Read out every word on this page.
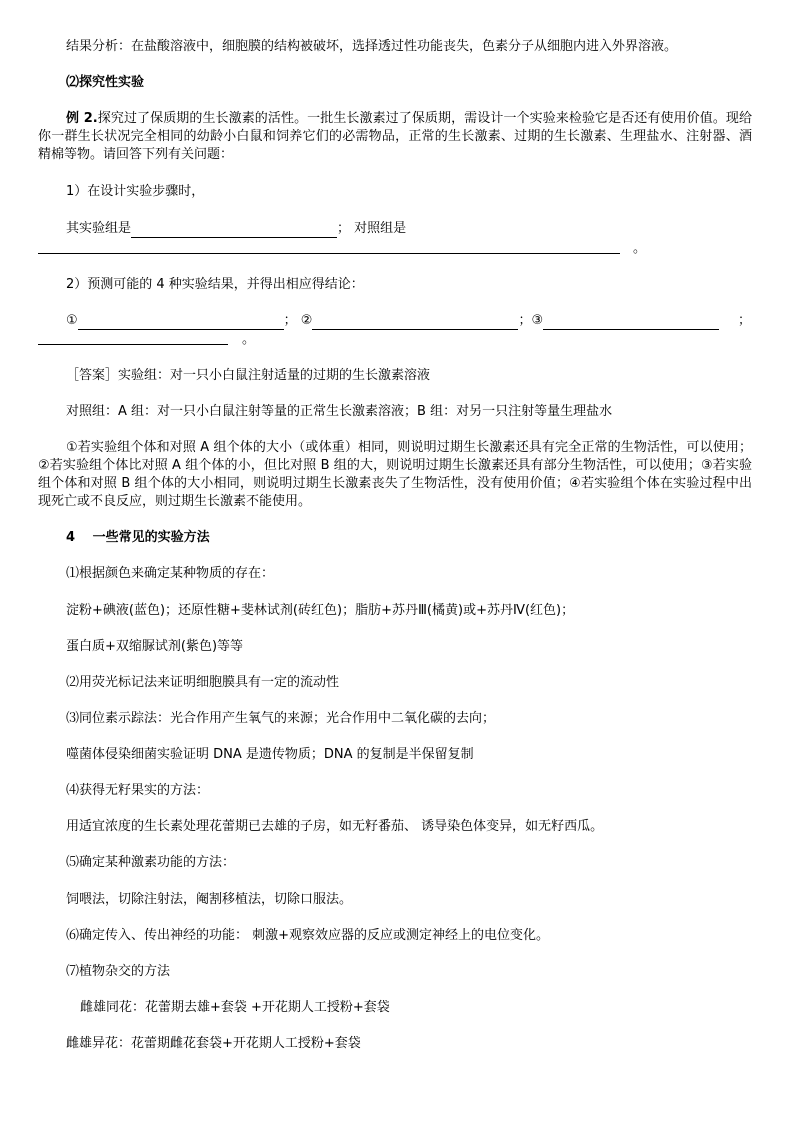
结果分析：在盐酸溶液中，细胞膜的结构被破坏，选择透过性功能丧失，色素分子从细胞内进入外界溶液。
⑵探究性实验
例 2.探究过了保质期的生长激素的活性。一批生长激素过了保质期，需设计一个实验来检验它是否还有使用价值。现给你一群生长状况完全相同的幼龄小白鼠和饲养它们的必需物品，正常的生长激素、过期的生长激素、生理盐水、注射器、酒精棉等物。请回答下列有关问题：
1）在设计实验步骤时，
其实验组是	； 对照组是
。
2）预测可能的 4 种实验结果，并得出相应得结论：
①	； ②	；③	；
。
［答案］实验组：对一只小白鼠注射适量的过期的生长激素溶液
对照组：A 组：对一只小白鼠注射等量的正常生长激素溶液；B 组：对另一只注射等量生理盐水
①若实验组个体和对照 A 组个体的大小（或体重）相同，则说明过期生长激素还具有完全正常的生物活性，可以使用；②若实验组个体比对照 A 组个体的小，但比对照 B 组的大，则说明过期生长激素还具有部分生物活性，可以使用；③若实验组个体和对照 B 组个体的大小相同，则说明过期生长激素丧失了生物活性，没有使用价值；④若实验组个体在实验过程中出现死亡或不良反应，则过期生长激素不能使用。
4　 一些常见的实验方法
⑴根据颜色来确定某种物质的存在：
淀粉+碘液(蓝色)；还原性糖+斐林试剂(砖红色)；脂肪+苏丹Ⅲ(橘黄)或+苏丹Ⅳ(红色)；
蛋白质+双缩脲试剂(紫色)等等
⑵用荧光标记法来证明细胞膜具有一定的流动性
⑶同位素示踪法：光合作用产生氧气的来源；光合作用中二氧化碳的去向；
噬菌体侵染细菌实验证明 DNA 是遗传物质；DNA 的复制是半保留复制
⑷获得无籽果实的方法：
用适宜浓度的生长素处理花蕾期已去雄的子房，如无籽番茄、 诱导染色体变异，如无籽西瓜。
⑸确定某种激素功能的方法：
饲喂法，切除注射法，阉割移植法，切除口服法。
⑹确定传入、传出神经的功能： 刺激+观察效应器的反应或测定神经上的电位变化。
⑺植物杂交的方法
雌雄同花：花蕾期去雄+套袋 +开花期人工授粉+套袋
雌雄异花：花蕾期雌花套袋+开花期人工授粉+套袋
